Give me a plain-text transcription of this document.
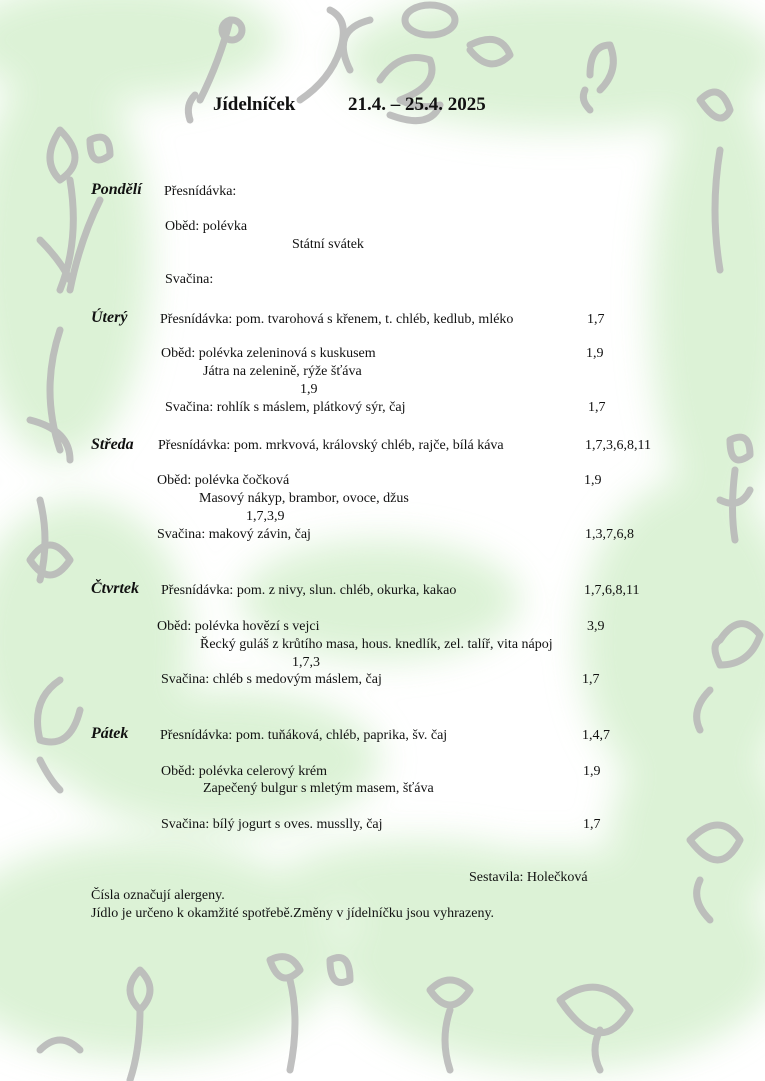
Jídelníček	21.4. – 25.4. 2025
Pondělí Přesnídávka:
Oběd: polévka
Státní svátek
Svačina:
Úterý Přesnídávka: pom. tvarohová s křenem, t. chléb, kedlub, mléko	1,7
Oběd: polévka zeleninová s kuskusem	1,9
Játra na zelenině, rýže šťáva
1,9
Svačina: rohlík s máslem, plátkový sýr, čaj	1,7
Středa Přesnídávka: pom. mrkvová, královský chléb, rajče, bílá káva	1,7,3,6,8,11
Oběd: polévka čočková	1,9
Masový nákyp, brambor, ovoce, džus
1,7,3,9
Svačina: makový závin, čaj	1,3,7,6,8
Čtvrtek Přesnídávka: pom. z nivy, slun. chléb, okurka, kakao	1,7,6,8,11
Oběd: polévka hovězí s vejci	3,9
Řecký guláš z krůtího masa, hous. knedlík, zel. talíř, vita nápoj
1,7,3
Svačina: chléb s medovým máslem, čaj	1,7
Pátek Přesnídávka: pom. tuňáková, chléb, paprika, šv. čaj	1,4,7
Oběd: polévka celerový krém	1,9
Zapečený bulgur s mletým masem, šťáva
Svačina: bílý jogurt s oves. musslly, čaj	1,7
Sestavila: Holečková
Čísla označují alergeny.
Jídlo je určeno k okamžité spotřebě.Změny v jídelníčku jsou vyhrazeny.
